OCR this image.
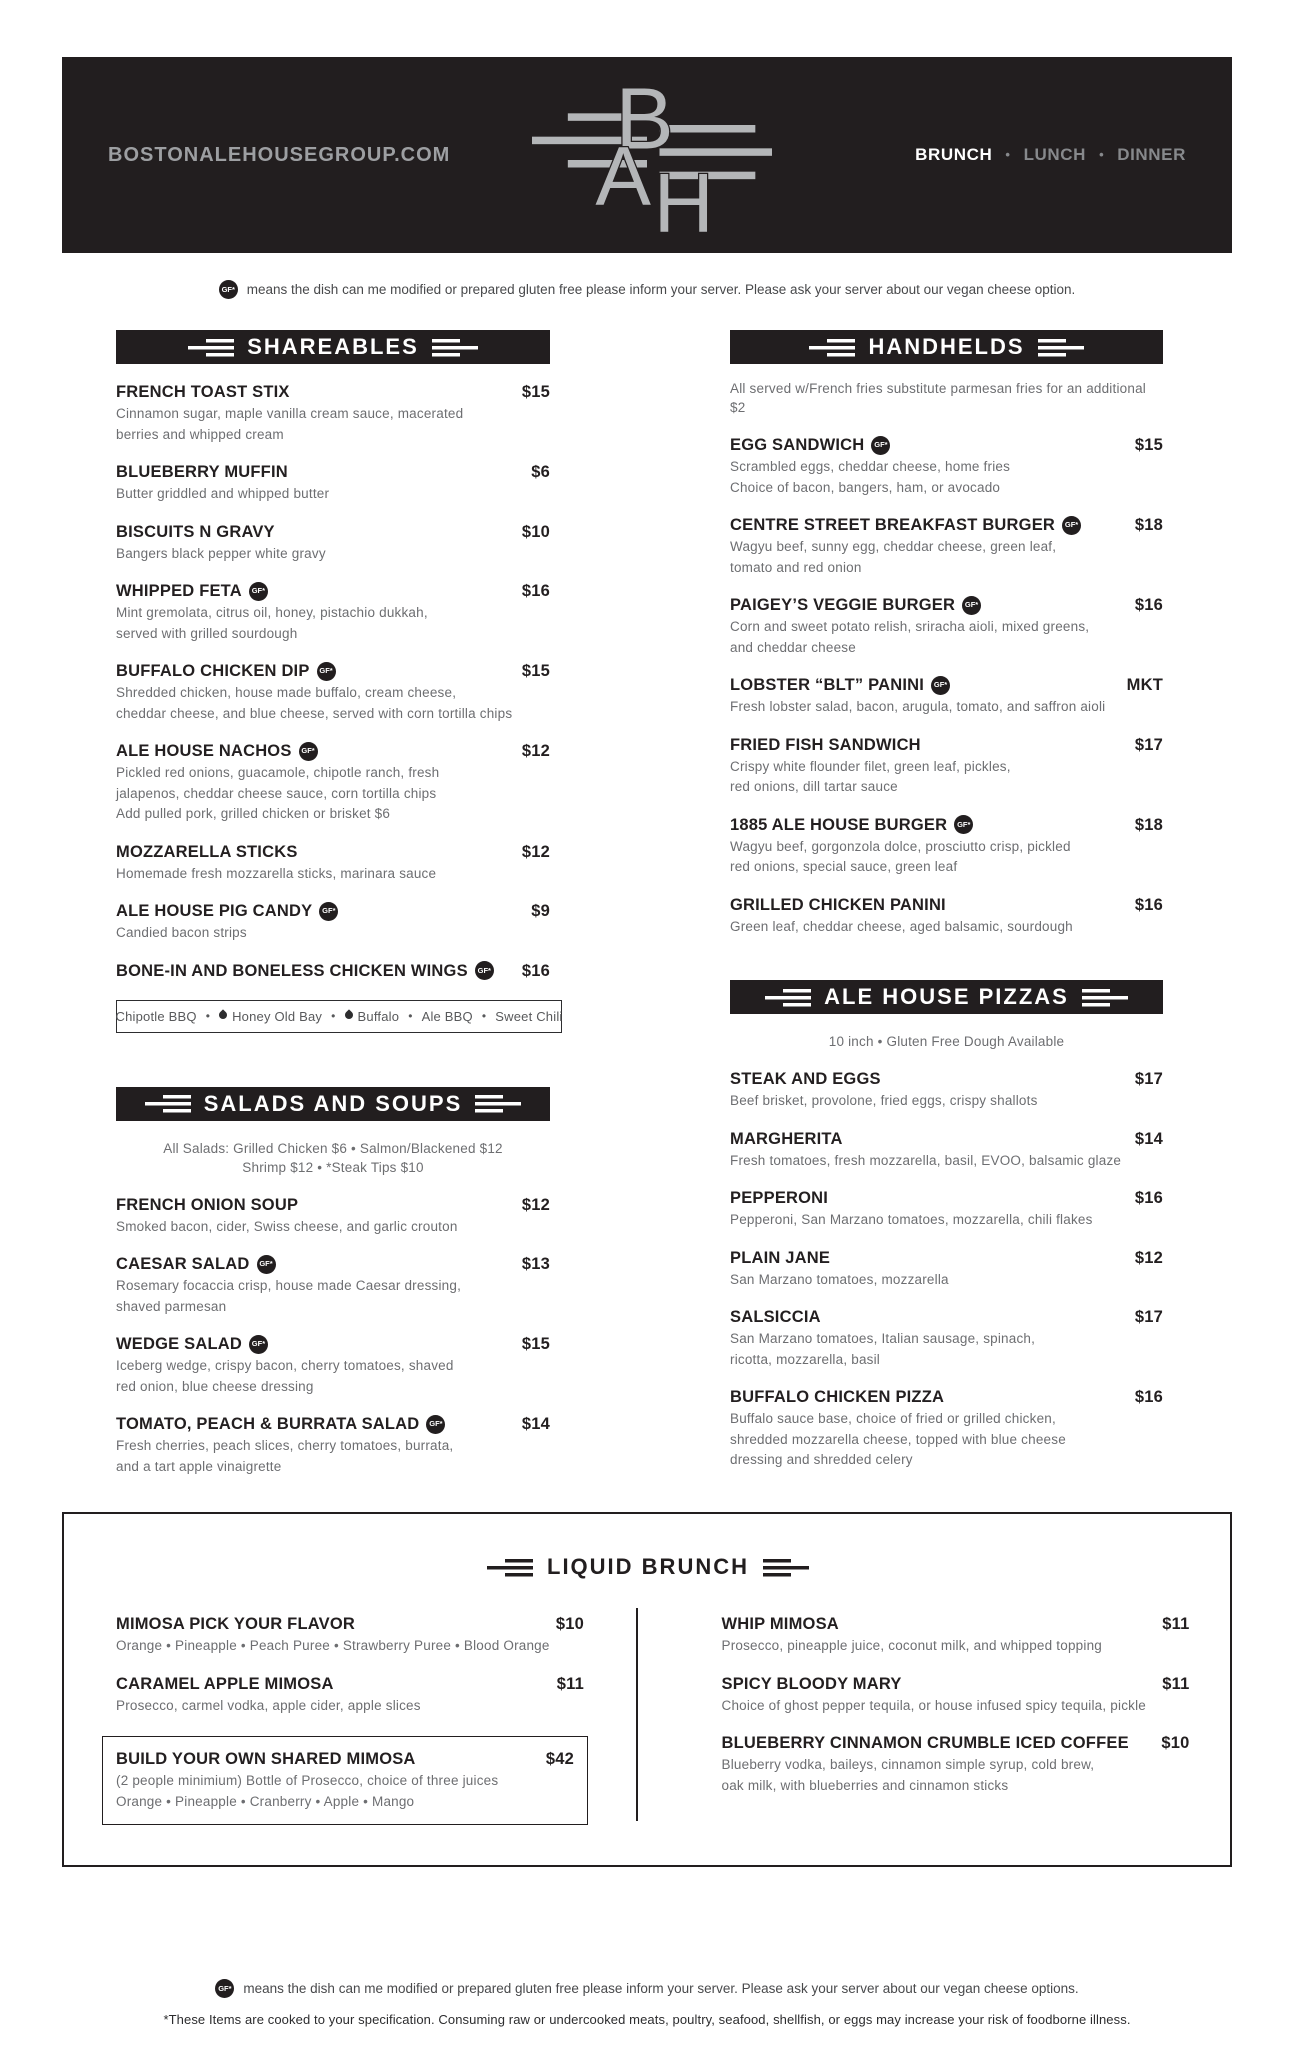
BOSTONALEHOUSEGROUP.COM B
A H
BRUNCH	• LUNCH	• DINNER
GF* means the dish can me modified or prepared gluten free please inform your server. Please ask your server about our vegan cheese option.
SHAREABLES
FRENCH TOAST STIX	$15
Cinnamon sugar, maple vanilla cream sauce, macerated
berries and whipped cream
BLUEBERRY MUFFIN	$6
Butter griddled and whipped butter
BISCUITS N GRAVY	$10
Bangers black pepper white gravy
WHIPPED FETA	GF*	$16
Mint gremolata, citrus oil, honey, pistachio dukkah,
served with grilled sourdough
BUFFALO CHICKEN DIP	GF*	$15
Shredded chicken, house made buffalo, cream cheese,
cheddar cheese, and blue cheese, served with corn tortilla chips
ALE HOUSE NACHOS	GF*	$12
Pickled red onions, guacamole, chipotle ranch, fresh
jalapenos, cheddar cheese sauce, corn tortilla chips
Add pulled pork, grilled chicken or brisket $6
MOZZARELLA STICKS	$12
Homemade fresh mozzarella sticks, marinara sauce
ALE HOUSE PIG CANDY	GF*	$9
Candied bacon strips
BONE-IN AND BONELESS CHICKEN WINGS	GF*	$16
Chipotle BBQ •	Honey Old Bay •	Buffalo • Ale BBQ • Sweet Chili
SALADS AND SOUPS
All Salads: Grilled Chicken $6 • Salmon/Blackened $12
Shrimp $12 • *Steak Tips $10
FRENCH ONION SOUP	$12
Smoked bacon, cider, Swiss cheese, and garlic crouton
CAESAR SALAD	GF*	$13
Rosemary focaccia crisp, house made Caesar dressing,
shaved parmesan
WEDGE SALAD	GF*	$15
Iceberg wedge, crispy bacon, cherry tomatoes, shaved
red onion, blue cheese dressing
TOMATO, PEACH & BURRATA SALAD	GF*	$14
Fresh cherries, peach slices, cherry tomatoes, burrata,
and a tart apple vinaigrette
HANDHELDS
All served w/French fries substitute parmesan fries for an additional $2
EGG SANDWICH	GF*	$15
Scrambled eggs, cheddar cheese, home fries
Choice of bacon, bangers, ham, or avocado
CENTRE STREET BREAKFAST BURGER	GF*	$18
Wagyu beef, sunny egg, cheddar cheese, green leaf,
tomato and red onion
PAIGEY’S VEGGIE BURGER	GF*	$16
Corn and sweet potato relish, sriracha aioli, mixed greens,
and cheddar cheese
LOBSTER “BLT” PANINI	GF*	MKT
Fresh lobster salad, bacon, arugula, tomato, and saffron aioli
FRIED FISH SANDWICH	$17
Crispy white flounder filet, green leaf, pickles,
red onions, dill tartar sauce
1885 ALE HOUSE BURGER	GF*	$18
Wagyu beef, gorgonzola dolce, prosciutto crisp, pickled
red onions, special sauce, green leaf
GRILLED CHICKEN PANINI	$16
Green leaf, cheddar cheese, aged balsamic, sourdough
ALE HOUSE PIZZAS
10 inch • Gluten Free Dough Available
STEAK AND EGGS	$17
Beef brisket, provolone, fried eggs, crispy shallots
MARGHERITA	$14
Fresh tomatoes, fresh mozzarella, basil, EVOO, balsamic glaze
PEPPERONI	$16
Pepperoni, San Marzano tomatoes, mozzarella, chili flakes
PLAIN JANE	$12
San Marzano tomatoes, mozzarella
SALSICCIA	$17
San Marzano tomatoes, Italian sausage, spinach,
ricotta, mozzarella, basil
BUFFALO CHICKEN PIZZA	$16
Buffalo sauce base, choice of fried or grilled chicken,
shredded mozzarella cheese, topped with blue cheese
dressing and shredded celery
LIQUID BRUNCH
MIMOSA PICK YOUR FLAVOR	$10
Orange • Pineapple • Peach Puree • Strawberry Puree • Blood Orange
CARAMEL APPLE MIMOSA	$11
Prosecco, carmel vodka, apple cider, apple slices
BUILD YOUR OWN SHARED MIMOSA	$42
(2 people minimium) Bottle of Prosecco, choice of three juices
Orange • Pineapple • Cranberry • Apple • Mango
WHIP MIMOSA	$11
Prosecco, pineapple juice, coconut milk, and whipped topping
SPICY BLOODY MARY	$11
Choice of ghost pepper tequila, or house infused spicy tequila, pickle
BLUEBERRY CINNAMON CRUMBLE ICED COFFEE	$10
Blueberry vodka, baileys, cinnamon simple syrup, cold brew,
oak milk, with blueberries and cinnamon sticks
GF* means the dish can me modified or prepared gluten free please inform your server. Please ask your server about our vegan cheese options.
*These Items are cooked to your specification. Consuming raw or undercooked meats, poultry, seafood, shellfish, or eggs may increase your risk of foodborne illness.
